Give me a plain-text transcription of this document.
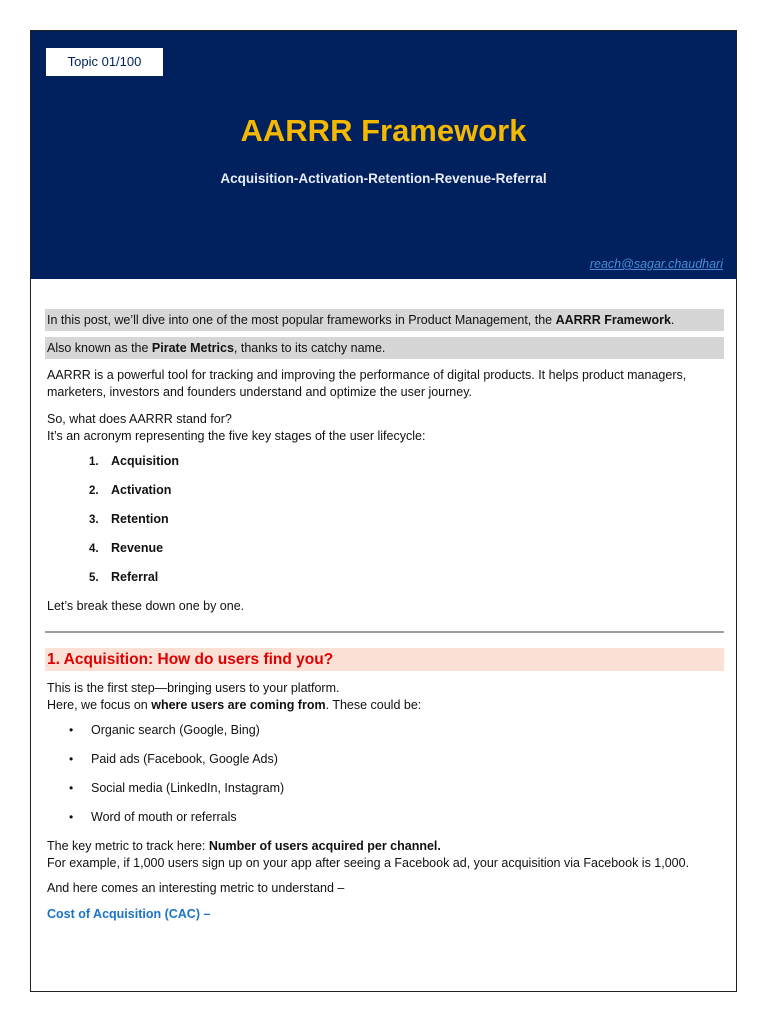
Topic 01/100
AARRR Framework
Acquisition-Activation-Retention-Revenue-Referral
reach@sagar.chaudhari
In this post, we’ll dive into one of the most popular frameworks in Product Management, the AARRR Framework.
Also known as the Pirate Metrics, thanks to its catchy name.

AARRR is a powerful tool for tracking and improving the performance of digital products. It helps product managers, marketers, investors and founders understand and optimize the user journey.

So, what does AARRR stand for?
It’s an acronym representing the five key stages of the user lifecycle:

1. Acquisition
2. Activation
3. Retention
4. Revenue
5. Referral

Let’s break these down one by one.

1. Acquisition: How do users find you?

This is the first step—bringing users to your platform.
Here, we focus on where users are coming from. These could be:

• Organic search (Google, Bing)
• Paid ads (Facebook, Google Ads)
• Social media (LinkedIn, Instagram)
• Word of mouth or referrals

The key metric to track here: Number of users acquired per channel.
For example, if 1,000 users sign up on your app after seeing a Facebook ad, your acquisition via Facebook is 1,000.

And here comes an interesting metric to understand –

Cost of Acquisition (CAC) –
